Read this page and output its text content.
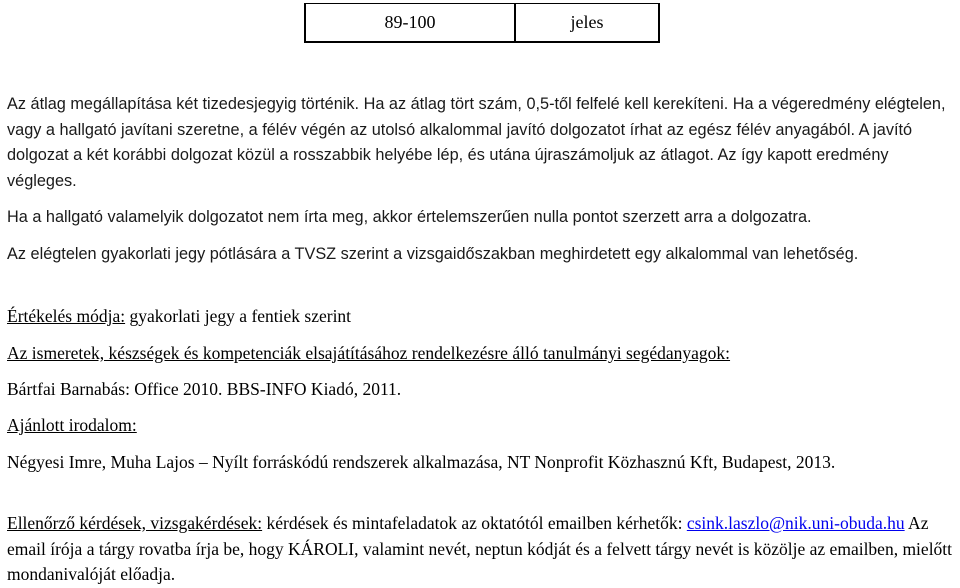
89-100	jeles

Az átlag megállapítása két tizedesjegyig történik. Ha az átlag tört szám, 0,5-től felfelé kell kerekíteni. Ha a végeredmény elégtelen, vagy a hallgató javítani szeretne, a félév végén az utolsó alkalommal javító dolgozatot írhat az egész félév anyagából. A javító dolgozat a két korábbi dolgozat közül a rosszabbik helyébe lép, és utána újraszámoljuk az átlagot. Az így kapott eredmény végleges.

Ha a hallgató valamelyik dolgozatot nem írta meg, akkor értelemszerűen nulla pontot szerzett arra a dolgozatra.

Az elégtelen gyakorlati jegy pótlására a TVSZ szerint a vizsgaidőszakban meghirdetett egy alkalommal van lehetőség.

Értékelés módja: gyakorlati jegy a fentiek szerint

Az ismeretek, készségek és kompetenciák elsajátításához rendelkezésre álló tanulmányi segédanyagok:

Bártfai Barnabás: Office 2010. BBS-INFO Kiadó, 2011.

Ajánlott irodalom:

Négyesi Imre, Muha Lajos – Nyílt forráskódú rendszerek alkalmazása, NT Nonprofit Közhasznú Kft, Budapest, 2013.

Ellenőrző kérdések, vizsgakérdések: kérdések és mintafeladatok az oktatótól emailben kérhetők: csink.laszlo@nik.uni-obuda.hu Az email írója a tárgy rovatba írja be, hogy KÁROLI, valamint nevét, neptun kódját és a felvett tárgy nevét is közölje az emailben, mielőtt mondanivalóját előadja.
